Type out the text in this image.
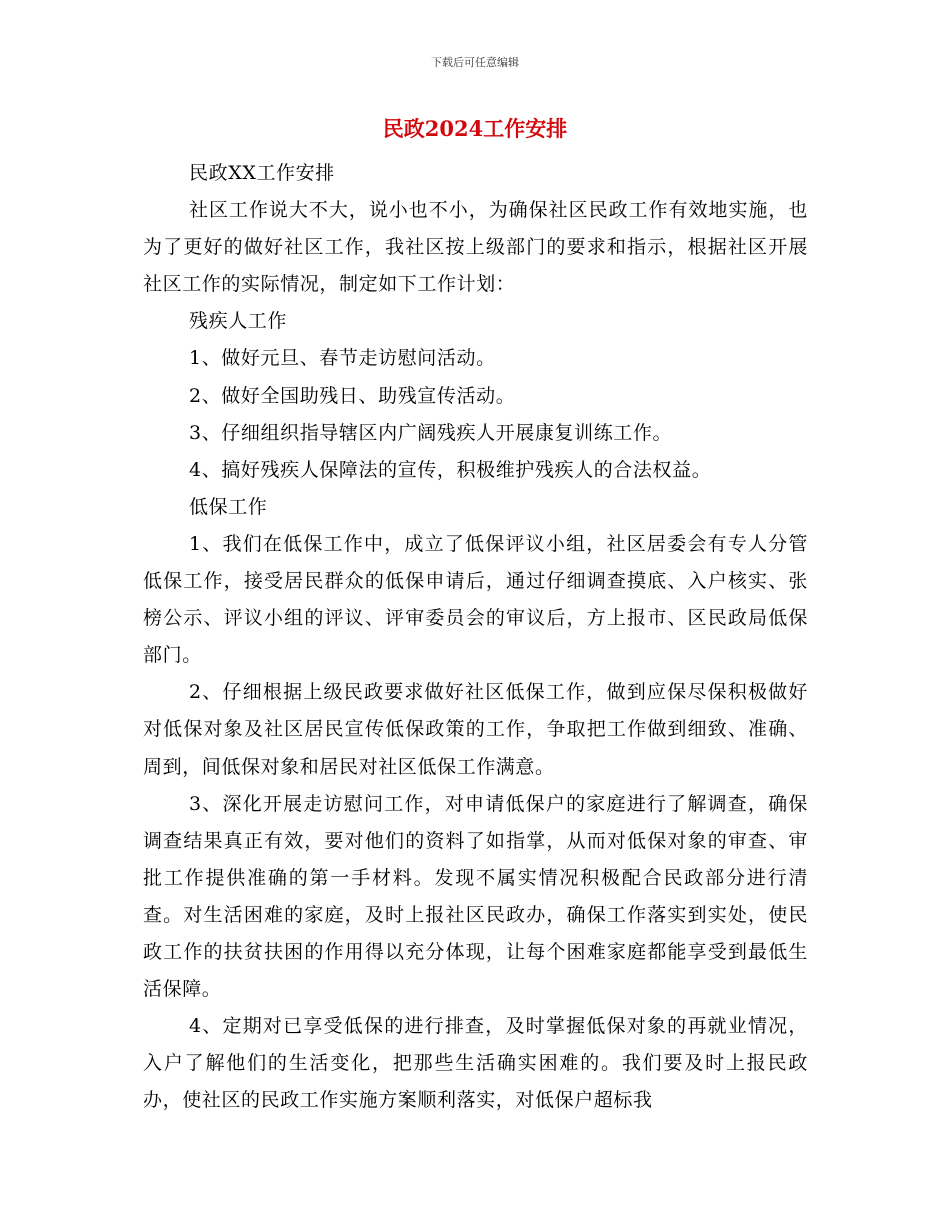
下载后可任意编辑
民政2024工作安排

民政XX工作安排

社区工作说大不大，说小也不小，为确保社区民政工作有效地实施，也为了更好的做好社区工作，我社区按上级部门的要求和指示，根据社区开展社区工作的实际情况，制定如下工作计划：

残疾人工作

1、做好元旦、春节走访慰问活动。

2、做好全国助残日、助残宣传活动。

3、仔细组织指导辖区内广阔残疾人开展康复训练工作。

4、搞好残疾人保障法的宣传，积极维护残疾人的合法权益。

低保工作

1、我们在低保工作中，成立了低保评议小组，社区居委会有专人分管低保工作，接受居民群众的低保申请后，通过仔细调查摸底、入户核实、张榜公示、评议小组的评议、评审委员会的审议后，方上报市、区民政局低保部门。

2、仔细根据上级民政要求做好社区低保工作，做到应保尽保积极做好对低保对象及社区居民宣传低保政策的工作，争取把工作做到细致、准确、周到，间低保对象和居民对社区低保工作满意。

3、深化开展走访慰问工作，对申请低保户的家庭进行了解调查，确保调查结果真正有效，要对他们的资料了如指掌，从而对低保对象的审查、审批工作提供准确的第一手材料。发现不属实情况积极配合民政部分进行清查。对生活困难的家庭，及时上报社区民政办，确保工作落实到实处，使民政工作的扶贫扶困的作用得以充分体现，让每个困难家庭都能享受到最低生活保障。

4、定期对已享受低保的进行排查，及时掌握低保对象的再就业情况，入户了解他们的生活变化，把那些生活确实困难的。我们要及时上报民政办，使社区的民政工作实施方案顺利落实，对低保户超标我
